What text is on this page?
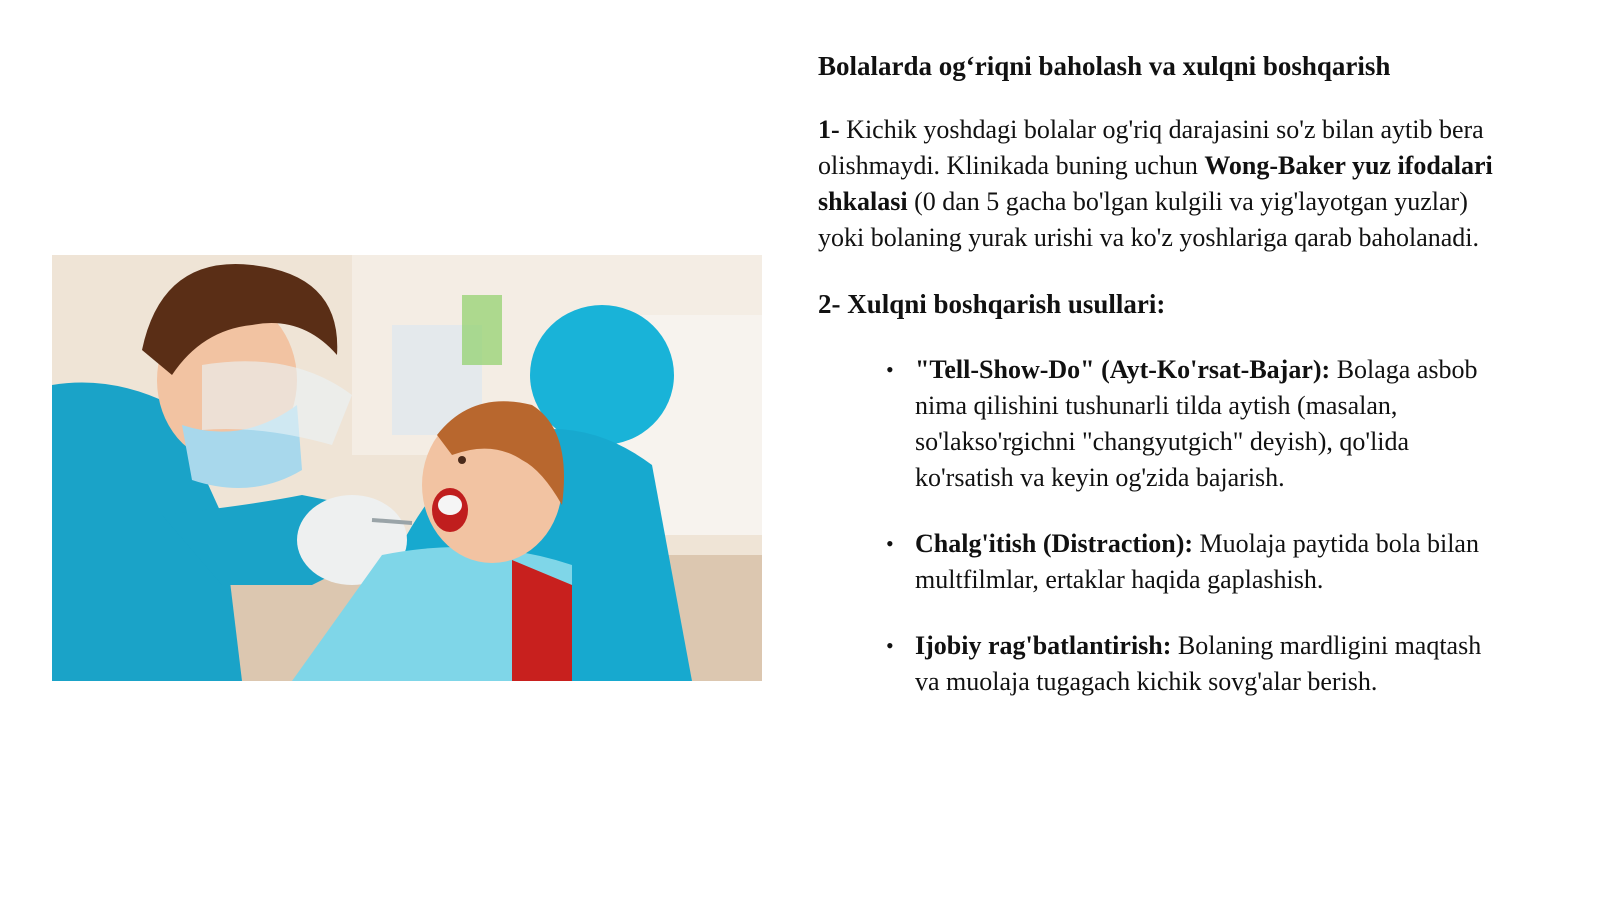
Bolalarda og‘riqni baholash va xulqni boshqarish
1- Kichik yoshdagi bolalar og'riq darajasini so'z bilan aytib bera olishmaydi. Klinikada buning uchun Wong-Baker yuz ifodalari shkalasi (0 dan 5 gacha bo'lgan kulgili va yig'layotgan yuzlar) yoki bolaning yurak urishi va ko'z yoshlariga qarab baholanadi.
2- Xulqni boshqarish usullari:
• "Tell-Show-Do" (Ayt-Ko'rsat-Bajar): Bolaga asbob nima qilishini tushunarli tilda aytish (masalan, so'lakso'rgichni "changyutgich" deyish), qo'lida ko'rsatish va keyin og'zida bajarish.
• Chalg'itish (Distraction): Muolaja paytida bola bilan multfilmlar, ertaklar haqida gaplashish.
• Ijobiy rag'batlantirish: Bolaning mardligini maqtash va muolaja tugagach kichik sovg'alar berish.
